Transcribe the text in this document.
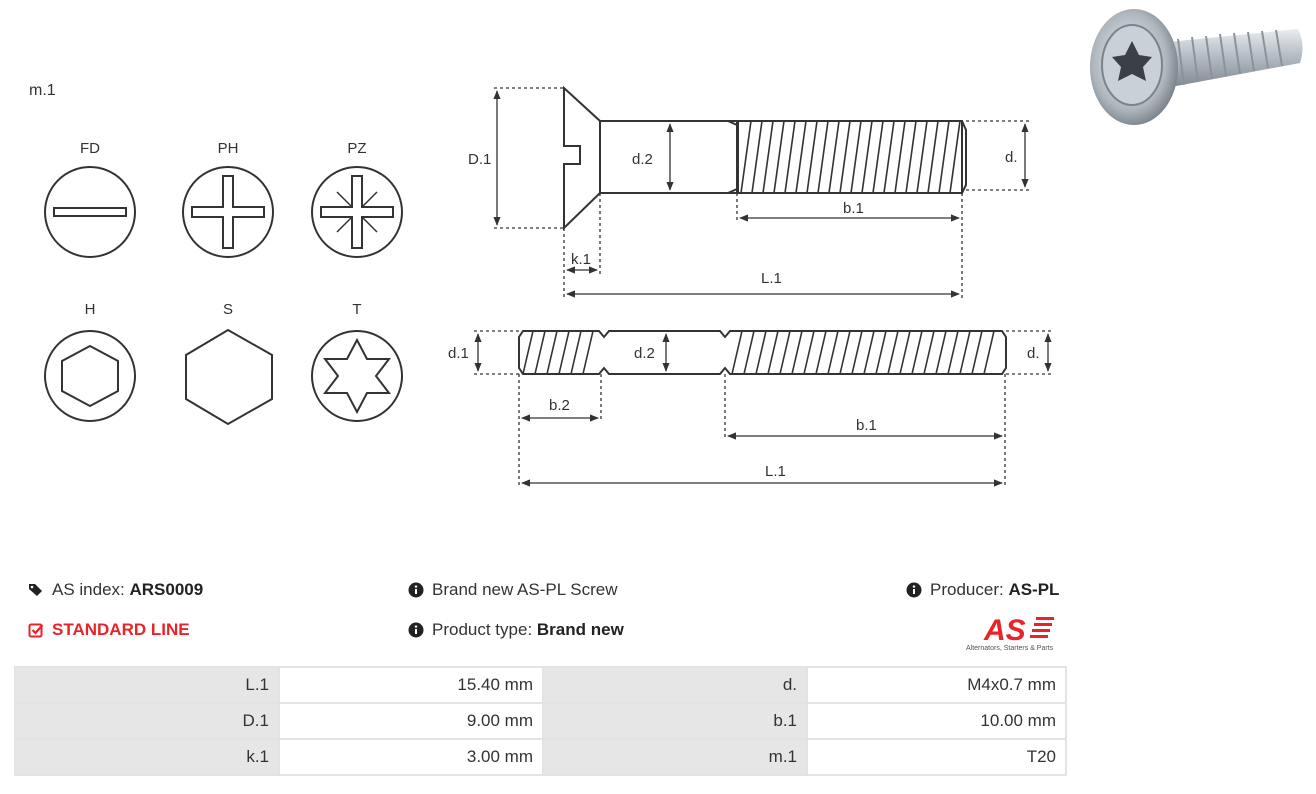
m.1
FD	PH	PZ
H	S	T
D.1	d.2	d.
b.1
k.1
L.1
d.1	d.2	d.
b.2
b.1
L.1
AS index:
ARS0009
STANDARD LINE
Brand new AS-PL Screw
Product type:
Brand new
Producer:
AS-PL
AS
Alternators, Starters & Parts
L.1	15.40 mm	d.	M4x0.7 mm
D.1	9.00 mm	b.1	10.00 mm
k.1	3.00 mm	m.1	T20
